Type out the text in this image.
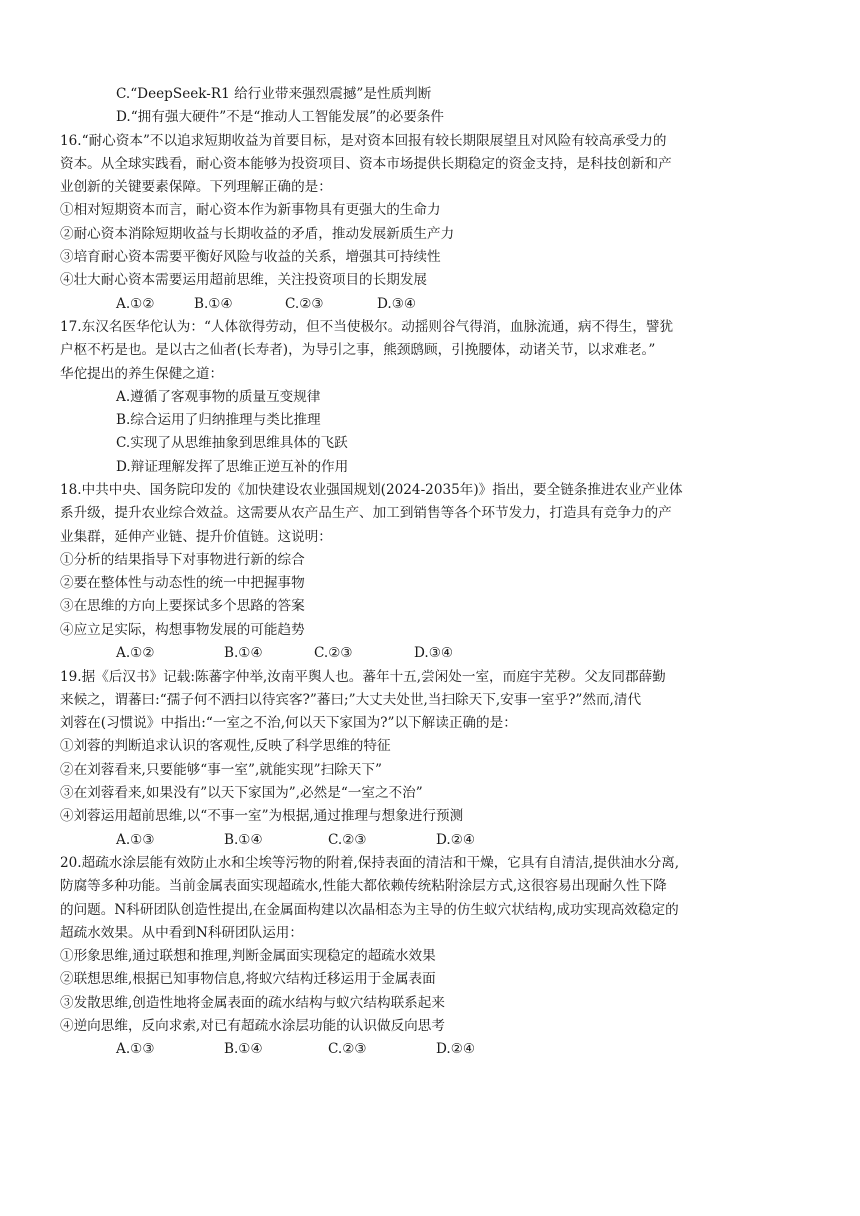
C.“DeepSeek-R1 给行业带来强烈震撼”是性质判断
D.“拥有强大硬件”不是“推动人工智能发展”的必要条件
16.“耐心资本”不以追求短期收益为首要目标，是对资本回报有较长期限展望且对风险有较高承受力的
资本。从全球实践看，耐心资本能够为投资项目、资本市场提供长期稳定的资金支持，是科技创新和产
业创新的关键要素保障。下列理解正确的是：
①相对短期资本而言，耐心资本作为新事物具有更强大的生命力
②耐心资本消除短期收益与长期收益的矛盾，推动发展新质生产力
③培育耐心资本需要平衡好风险与收益的关系，增强其可持续性
④壮大耐心资本需要运用超前思维，关注投资项目的长期发展
A.①②	B.①④	C.②③	D.③④
17.东汉名医华佗认为：“人体欲得劳动，但不当使极尔。动摇则谷气得消，血脉流通，病不得生，譬犹
户枢不朽是也。是以古之仙者(长寿者)，为导引之事，熊颈鸱顾，引挽腰体，动诸关节，以求难老。”
华佗提出的养生保健之道：
A.遵循了客观事物的质量互变规律
B.综合运用了归纳推理与类比推理
C.实现了从思维抽象到思维具体的飞跃
D.辩证理解发挥了思维正逆互补的作用
18.中共中央、国务院印发的《加快建设农业强国规划(2024-2035年)》指出，要全链条推进农业产业体
系升级，提升农业综合效益。这需要从农产品生产、加工到销售等各个环节发力，打造具有竞争力的产
业集群，延伸产业链、提升价值链。这说明：
①分析的结果指导下对事物进行新的综合
②要在整体性与动态性的统一中把握事物
③在思维的方向上要探试多个思路的答案
④应立足实际，构想事物发展的可能趋势
A.①②	B.①④	C.②③	D.③④
19.据《后汉书》记载:陈蕃字仲举,汝南平舆人也。蕃年十五,尝闲处一室，而庭宇芜秽。父友同郡薛勤
来候之，谓蕃曰:“孺子何不洒扫以待宾客?”蕃曰;”大丈夫处世,当扫除天下,安事一室乎?”然而,清代
刘蓉在(习惯说》中指出:“一室之不治,何以天下家国为?”以下解读正确的是：
①刘蓉的判断追求认识的客观性,反映了科学思维的特征
②在刘蓉看来,只要能够“事一室”,就能实现”扫除天下”
③在刘蓉看来,如果没有”以天下家国为”,必然是“一室之不治”
④刘蓉运用超前思维,以“不事一室”为根据,通过推理与想象进行预测
A.①③	B.①④	C.②③	D.②④
20.超疏水涂层能有效防止水和尘埃等污物的附着,保持表面的清洁和干燥，它具有自清洁,提供油水分离,
防腐等多种功能。当前金属表面实现超疏水,性能大都依赖传统粘附涂层方式,这很容易出现耐久性下降
的问题。N科研团队创造性提出,在金属面构建以次晶相态为主导的仿生蚁穴状结构,成功实现高效稳定的
超疏水效果。从中看到N科研团队运用：
①形象思维,通过联想和推理,判断金属面实现稳定的超疏水效果
②联想思维,根据已知事物信息,将蚁穴结构迁移运用于金属表面
③发散思维,创造性地将金属表面的疏水结构与蚁穴结构联系起来
④逆向思维，反向求索,对已有超疏水涂层功能的认识做反向思考
A.①③	B.①④	C.②③	D.②④
